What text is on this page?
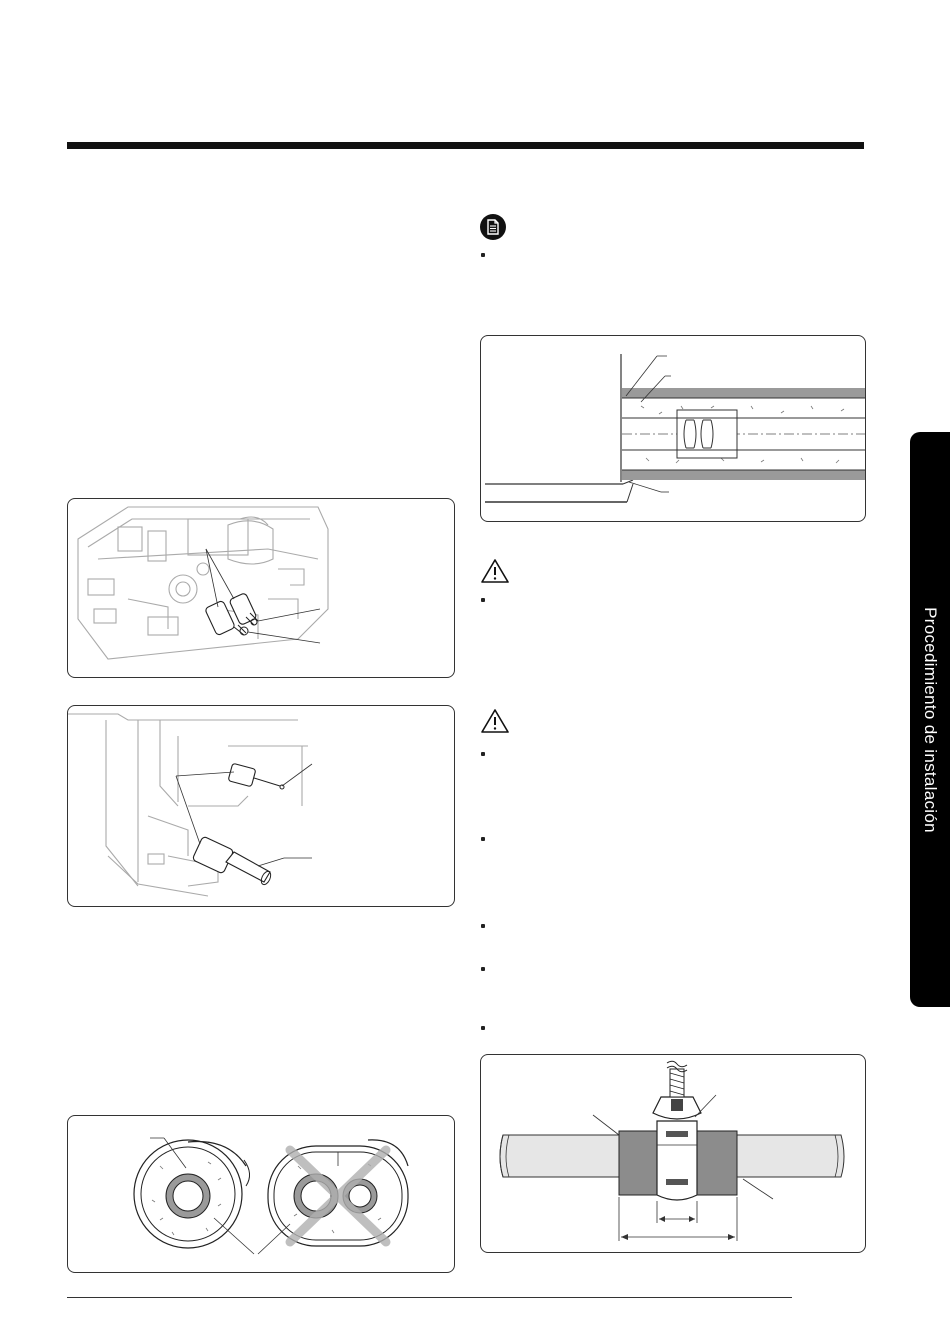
Procedimiento de instalación
